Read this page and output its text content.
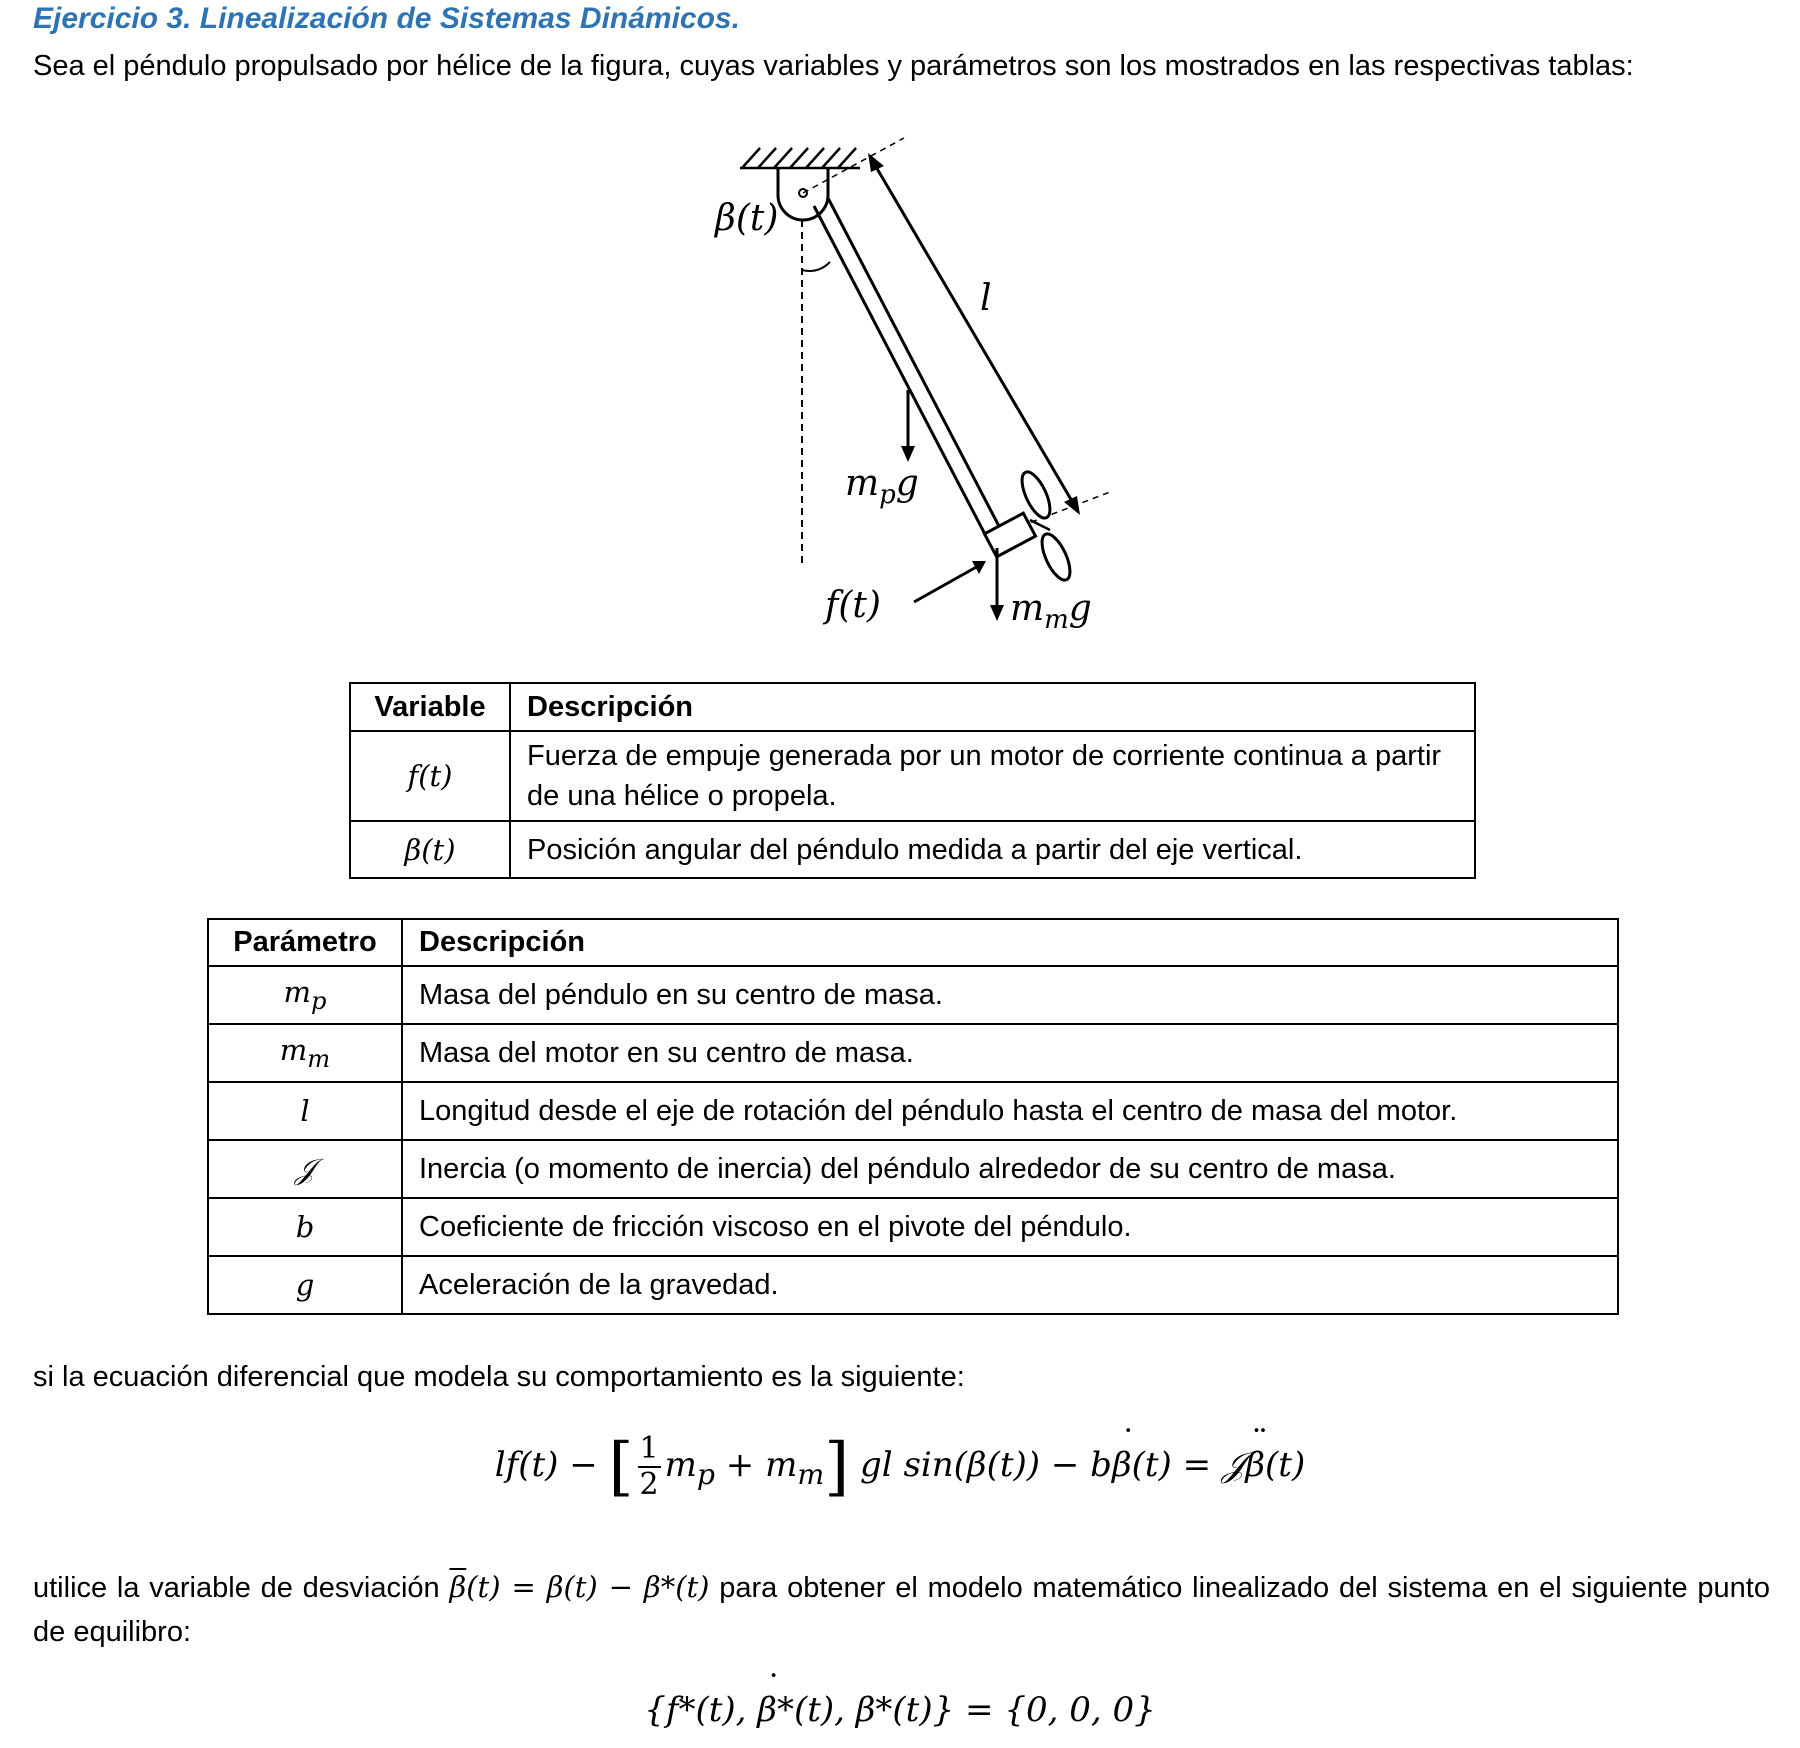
Ejercicio 3. Linealización de Sistemas Dinámicos.

Sea el péndulo propulsado por hélice de la figura, cuyas variables y parámetros son los mostrados en las respectivas tablas:

β(t)
l
$m_pg$
f(t)	$m_mg$
Variable	Descripción
f(t)	Fuerza de empuje generada por un motor de corriente continua a partir de una hélice o propela.
β(t)	Posición angular del péndulo medida a partir del eje vertical.
Parámetro	Descripción
$m_p$	Masa del péndulo en su centro de masa.
$m_m$	Masa del motor en su centro de masa.
l	Longitud desde el eje de rotación del péndulo hasta el centro de masa del motor.
𝒥	Inercia (o momento de inercia) del péndulo alrededor de su centro de masa.
b	Coeficiente de fricción viscoso en el pivote del péndulo.
g	Aceleración de la gravedad.

si la ecuación diferencial que modela su comportamiento es la siguiente:

lf(t) − [ $\frac{1}{2} m_p + m_m$] gl sin(β(t)) − bβ ˙(t) = 𝒥β ¨(t)

utilice la variable de desviación $\overline{\beta}(t) = \beta(t) - \beta*(t)$ para obtener el modelo matemático linealizado del sistema en el siguiente punto de equilibro:

{f*(t), β ˙*(t), β*(t)} = {0, 0, 0}
